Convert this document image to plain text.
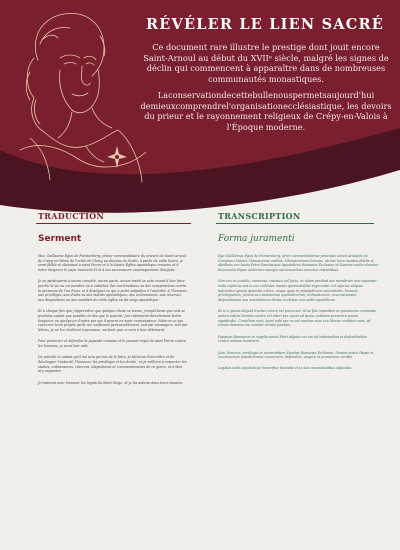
RÉVÉLER LE LIEN SACRÉ

Ce document rare illustre le prestige dont jouit encore Saint-Arnoul au début du XVIIᵉ siècle, malgré les signes de déclin qui commencent à apparaître dans de nombreuses communautés monastiques.

Laconservationdecettebullenouspermetsaujourd'hui demieuxcomprendrel'organisationecclésiastique, les devoirs du prieur et le rayonnement religieux de Crépy-en-Valois à l'Époque moderne.

TRADUCTION	TRANSCRIPTION
Serment	Forma juramenti

Moi, Guillaume Egon de Furstenberg, prieur-commendataire du prieuré de Saint-Arnoul de Crépy-en-Valois de l'ordre de Cluny, au diocèse de Senlis, à partir de cette heure, je serai fidèle et obéissant à saint Pierre et à la Sainte Église apostolique romaine et à notre Seigneur le pape Innocent XI et à ses successeurs canoniquement désignés.

Je ne participerai à aucun complot, aucun pacte, aucun traité ou acte visant à leur faire perdre la vie ou un membre ou à entacher des machinations ou des conspirations contre la personne de l'un d'eux, ni à divulguer ce qui a porté préjudice à l'autorité, à l'honneur, aux privilèges, aux droits ou aux statuts apostoliques, aux ordonnances, aux réserves, aux dispositions ou aux mandats de cette église ou du siège apostolique.

Et à chaque fois que j'apprendrai que quelque chose se trame, j'empêcherai que cela se produise autant que possible et dès que le pourrai, j'en informerai directement Notre Seigneur, ou quelqu'un d'autre par qui il pourra en avoir connaissance. Mais en ce qui concerne leurs projets qu'ils me confieront personnellement, soit par messagers, soit par lettres, je ne les révélerai à personne, sachant que ce sera à leur détriment.

Pour préserver et défendre la papauté romaine et le pouvoir royal de saint Pierre contre les hommes, je serai leur aide.

De priorité et autant qu'il me sera permis de le faire, je tâcherai d'accroître et de développer l'autorité, l'honneur, les privilèges et les droits ; et je veillerai à respecter les statuts, ordonnances, réserves, dispositions et commandements de ce genre, et à bien m'y rapporter.

Je traiterai avec honneur les légats du Saint-Siège, et je les aiderai dans leurs besoins.

Ego Guillelmus Egon de Furstenberg, prior commendatarius prioratus sancti Arnulphi de Crespiaco Valesio Cluniacensis ordinis, Silvanectensis diocesis, ab hac hora inantea fidelis et obediens ero beato Petro Sanctaeque Apostolicae Romanae Ecclesiae et Domino nostro domino Innocentio Papae undecimo suisque successoribus canonice intrantibus.

Non ero in consilio, consensu, tractatu vel facto, ut vitam perdant aut membrum seu capiantur mala captione aut in eos violenter manus quomodolibet ingerantur vel injuriae aliquae inferantur quovis quaesito colore, neque quae in praejudicium auctoritatis, honoris, privilegiorum, jurium seu statutorum apostolicorum, ordinationum, reservationum, dispositionum seu mandatorum dictae ecclesiae seu sedis apostolicae.

Et si a quovis aliquid tractari sciero vel procurari, id ne fiat impediam et quantocius commode potero eidem Domino nostro vel alteri per quem ad ipsius notitiam pervenire possit, significabo. Consilium vero, quod mihi per se aut nuntios suos seu literas credituri sunt, ad eorum damnum me sciente nemini pandam.

Papatum Romanum et regalia sancti Petri adjutor eis ero ad retinendum et defendendum contra omnem hominem.

Jura, honores, privilegia et auctoritatem Sanctae Romanae Ecclesiae, Domini nostri Papae et successorum praedictorum conservare, defendere, augere et promovere curabo.

Legatos sedis apostolicae honorifice tractabo et in suis necessitatibus adjuvabo.
